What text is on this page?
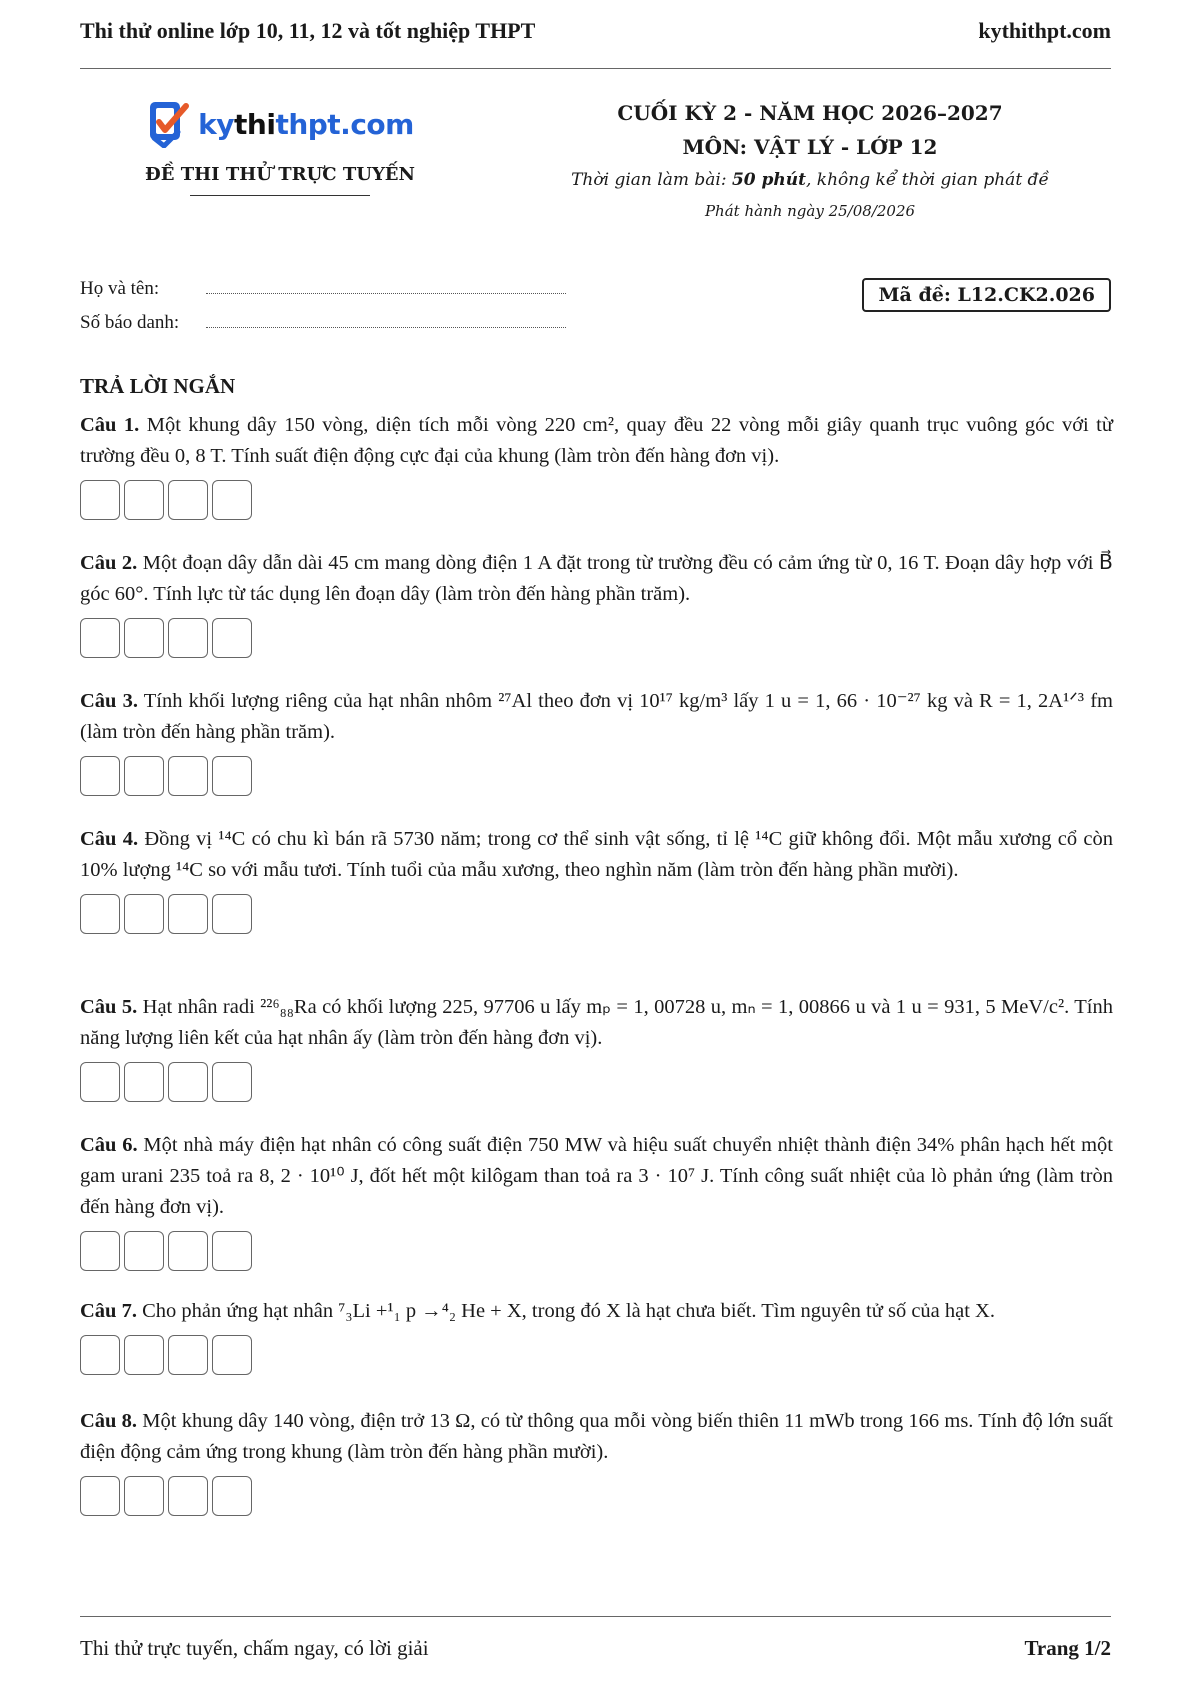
Thi thử online lớp 10, 11, 12 và tốt nghiệp THPT	kythithpt.com
kythithpt.com
ĐỀ THI THỬ TRỰC TUYẾN
CUỐI KỲ 2 - NĂM HỌC 2026–2027
MÔN: VẬT LÝ - LỚP 12
Thời gian làm bài: 50 phút, không kể thời gian phát đề
Phát hành ngày 25/08/2026
Họ và tên:
Số báo danh:
Mã đề: L12.CK2.026
TRẢ LỜI NGẮN
Câu 1. Một khung dây 150 vòng, diện tích mỗi vòng 220 cm², quay đều 22 vòng mỗi giây quanh trục vuông góc với từ trường đều 0, 8 T. Tính suất điện động cực đại của khung (làm tròn đến hàng đơn vị).
Câu 2. Một đoạn dây dẫn dài 45 cm mang dòng điện 1 A đặt trong từ trường đều có cảm ứng từ 0, 16 T. Đoạn dây hợp với B⃗ góc 60°. Tính lực từ tác dụng lên đoạn dây (làm tròn đến hàng phần trăm).
Câu 3. Tính khối lượng riêng của hạt nhân nhôm ²⁷Al theo đơn vị 10¹⁷ kg/m³ lấy 1 u = 1, 66 · 10⁻²⁷ kg và R = 1, 2A¹ᐟ³ fm (làm tròn đến hàng phần trăm).
Câu 4. Đồng vị ¹⁴C có chu kì bán rã 5730 năm; trong cơ thể sinh vật sống, tỉ lệ ¹⁴C giữ không đổi. Một mẫu xương cổ còn 10% lượng ¹⁴C so với mẫu tươi. Tính tuổi của mẫu xương, theo nghìn năm (làm tròn đến hàng phần mười).
Câu 5. Hạt nhân radi ²²⁶₈₈Ra có khối lượng 225, 97706 u lấy mₚ = 1, 00728 u, mₙ = 1, 00866 u và 1 u = 931, 5 MeV/c². Tính năng lượng liên kết của hạt nhân ấy (làm tròn đến hàng đơn vị).
Câu 6. Một nhà máy điện hạt nhân có công suất điện 750 MW và hiệu suất chuyển nhiệt thành điện 34% phân hạch hết một gam urani 235 toả ra 8, 2 · 10¹⁰ J, đốt hết một kilôgam than toả ra 3 · 10⁷ J. Tính công suất nhiệt của lò phản ứng (làm tròn đến hàng đơn vị).
Câu 7. Cho phản ứng hạt nhân ⁷₃Li +¹₁ p →⁴₂ He + X, trong đó X là hạt chưa biết. Tìm nguyên tử số của hạt X.
Câu 8. Một khung dây 140 vòng, điện trở 13 Ω, có từ thông qua mỗi vòng biến thiên 11 mWb trong 166 ms. Tính độ lớn suất điện động cảm ứng trong khung (làm tròn đến hàng phần mười).
Thi thử trực tuyến, chấm ngay, có lời giải	Trang 1/2
